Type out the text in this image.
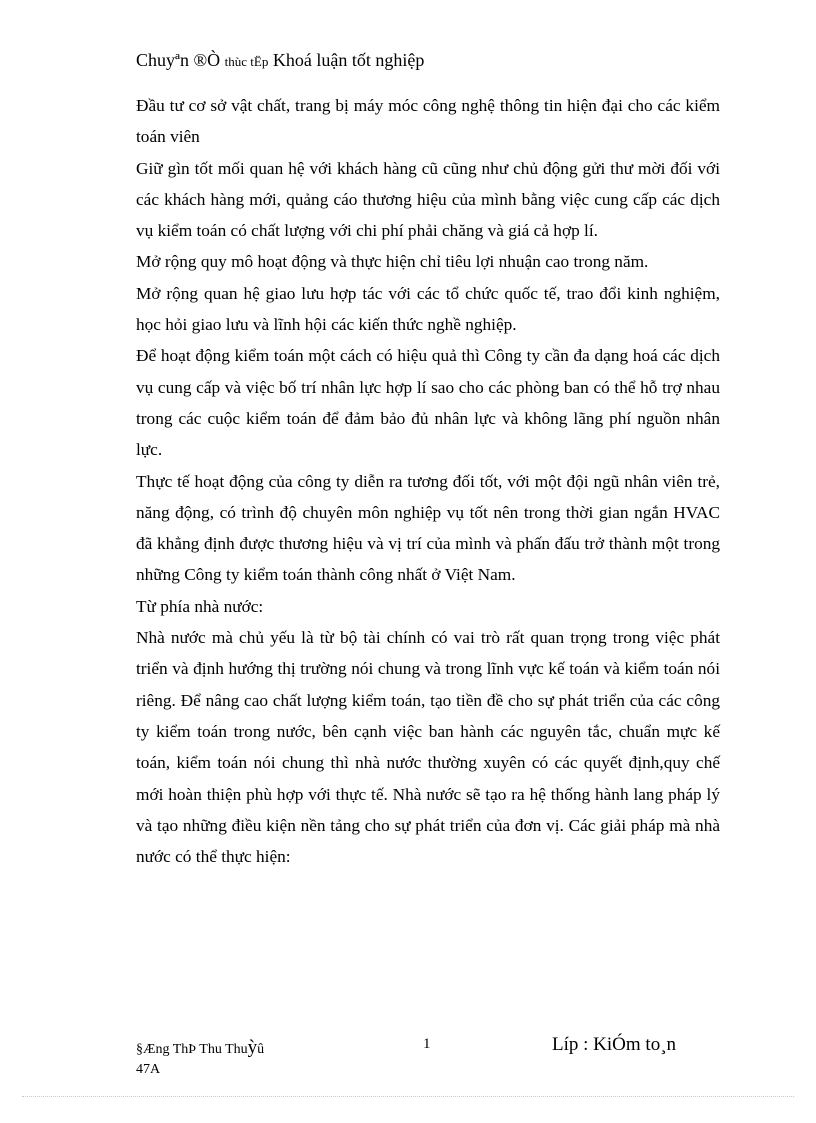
Chuyªn ®Ò thùc tËp Khoá luận tốt nghiệp

Đầu tư cơ sở vật chất, trang bị máy móc công nghệ thông tin hiện đại cho các kiểm toán viên

Giữ gìn tốt mối quan hệ với khách hàng cũ cũng như chủ động gửi thư mời đối với các khách hàng mới, quảng cáo thương hiệu của mình bằng việc cung cấp các dịch vụ kiểm toán có chất lượng với chi phí phải chăng và giá cả hợp lí.

Mở rộng quy mô hoạt động và thực hiện chỉ tiêu lợi nhuận cao trong năm.

Mở rộng quan hệ giao lưu hợp tác với các tổ chức quốc tế, trao đổi kinh nghiệm, học hỏi giao lưu và lĩnh hội các kiến thức nghề nghiệp.

Để hoạt động kiểm toán một cách có hiệu quả thì Công ty cần đa dạng hoá các dịch vụ cung cấp và việc bố trí nhân lực hợp lí sao cho các phòng ban có thể hỗ trợ nhau trong các cuộc kiểm toán để đảm bảo đủ nhân lực và không lãng phí nguồn nhân lực.

Thực tế hoạt động của công ty diễn ra tương đối tốt, với một đội ngũ nhân viên trẻ, năng động, có trình độ chuyên môn nghiệp vụ tốt nên trong thời gian ngắn HVAC đã khẳng định được thương hiệu và vị trí của mình và phấn đấu trở thành một trong những Công ty kiểm toán thành công nhất ở Việt Nam.

Từ phía nhà nước:

Nhà nước mà chủ yếu là từ bộ tài chính có vai trò rất quan trọng trong việc phát triển và định hướng thị trường nói chung và trong lĩnh vực kế toán và kiểm toán nói riêng. Để nâng cao chất lượng kiểm toán, tạo tiền đề cho sự phát triển của các công ty kiểm toán trong nước, bên cạnh việc ban hành các nguyên tắc, chuẩn mực kế toán, kiểm toán nói chung thì nhà nước thường xuyên có các quyết định,quy chế mới hoàn thiện phù hợp với thực tế. Nhà nước sẽ tạo ra hệ thống hành lang pháp lý và tạo những điều kiện nền tảng cho sự phát triển của đơn vị. Các giải pháp mà nhà nước có thể thực hiện:

§Æng ThÞ Thu Thuỳû
47A
1	Líp : KiÓm to¸n
